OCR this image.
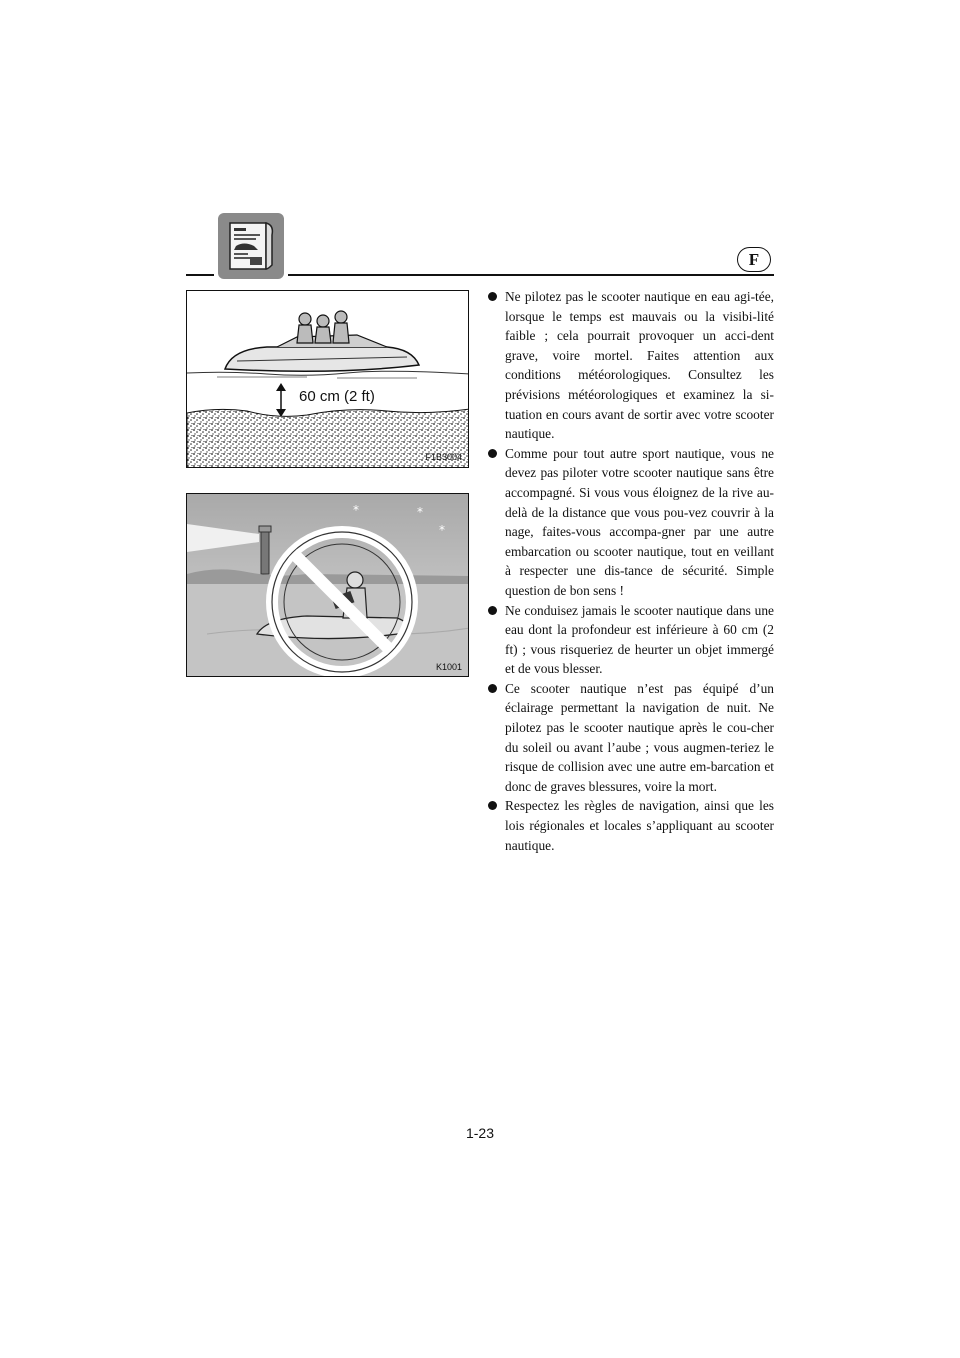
F
60 cm (2 ft)
F1B3004
*	*
*
K1001
Ne pilotez pas le scooter nautique en eau agi-tée, lorsque le temps est mauvais ou la visibi-lité faible ; cela pourrait provoquer un acci-dent grave, voire mortel. Faites attention aux conditions météorologiques. Consultez les prévisions météorologiques et examinez la si-tuation en cours avant de sortir avec votre scooter nautique.
Comme pour tout autre sport nautique, vous ne devez pas piloter votre scooter nautique sans être accompagné. Si vous vous éloignez de la rive au-delà de la distance que vous pou-vez couvrir à la nage, faites-vous accompa-gner par une autre embarcation ou scooter nautique, tout en veillant à respecter une dis-tance de sécurité. Simple question de bon sens !
Ne conduisez jamais le scooter nautique dans une eau dont la profondeur est inférieure à 60 cm (2 ft) ; vous risqueriez de heurter un objet immergé et de vous blesser.
Ce scooter nautique n’est pas équipé d’un éclairage permettant la navigation de nuit. Ne pilotez pas le scooter nautique après le cou-cher du soleil ou avant l’aube ; vous augmen-teriez le risque de collision avec une autre em-barcation et donc de graves blessures, voire la mort.
Respectez les règles de navigation, ainsi que les lois régionales et locales s’appliquant au scooter nautique.
1-23
